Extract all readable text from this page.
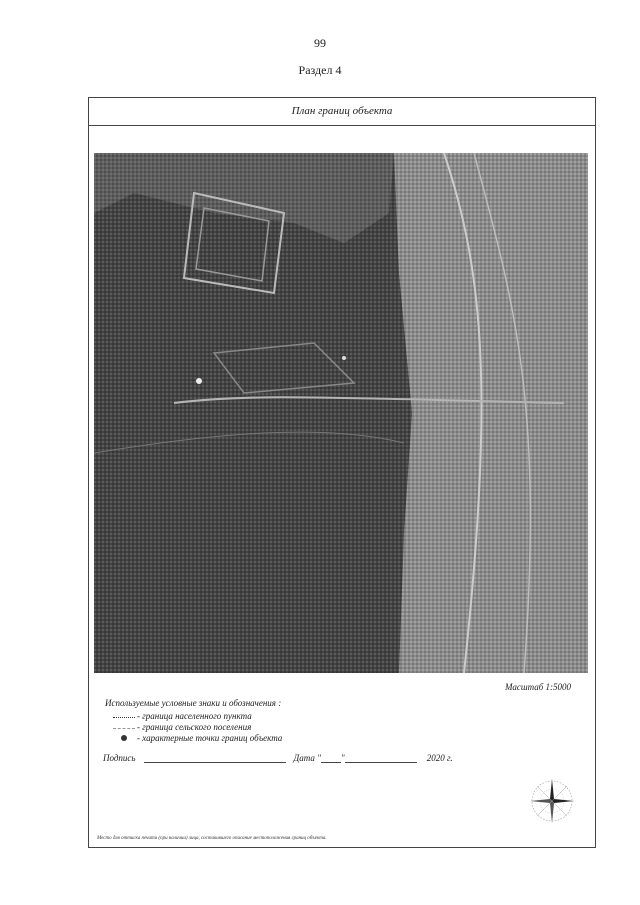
99
Раздел 4
План границ объекта
Масштаб 1:5000
Используемые условные знаки и обозначения :
- граница населенного пункта
- граница сельского поселения
- характерные точки границ объекта
Подпись	Дата " "	2020 г.
Место для оттиска печати (при наличии) лица, составившего описание местоположения границ объекта.
